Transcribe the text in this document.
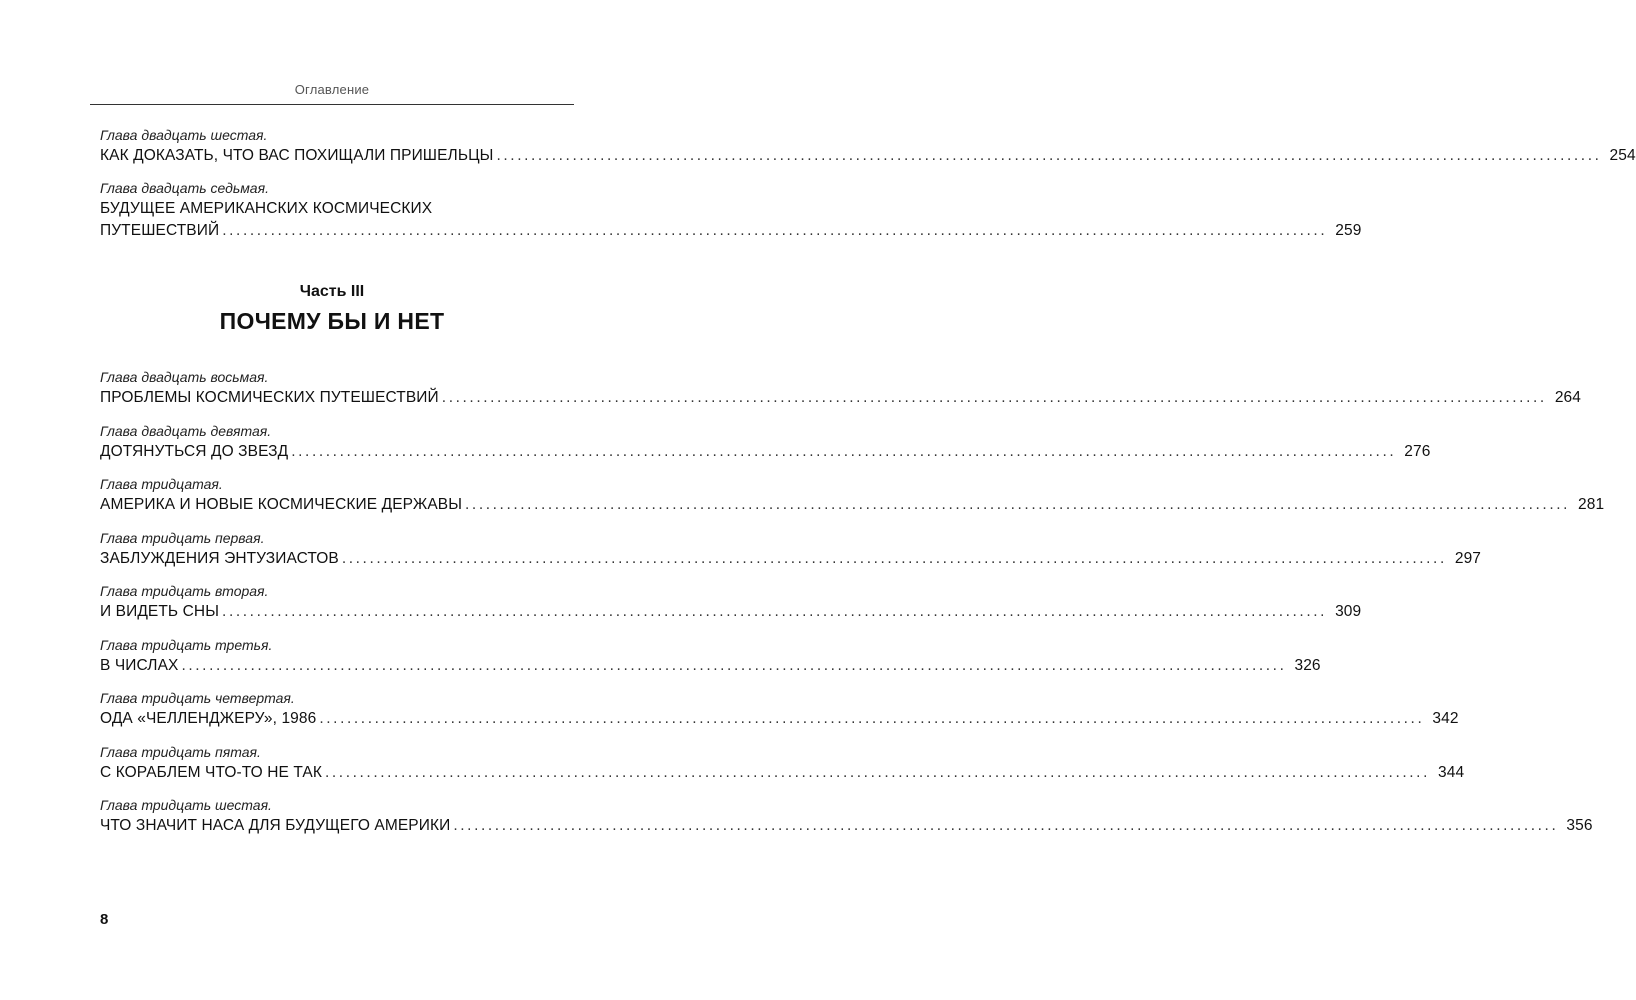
Оглавление
Глава двадцать шестая.
КАК ДОКАЗАТЬ, ЧТО ВАС ПОХИЩАЛИ ПРИШЕЛЬЦЫ ................................................................................................................................................................ 254
Глава двадцать седьмая.
БУДУЩЕЕ АМЕРИКАНСКИХ КОСМИЧЕСКИХ
ПУТЕШЕСТВИЙ ................................................................................................................................................................ 259
Часть III
ПОЧЕМУ БЫ И НЕТ
Глава двадцать восьмая.
ПРОБЛЕМЫ КОСМИЧЕСКИХ ПУТЕШЕСТВИЙ ................................................................................................................................................................ 264
Глава двадцать девятая.
ДОТЯНУТЬСЯ ДО ЗВЕЗД ................................................................................................................................................................ 276
Глава тридцатая.
АМЕРИКА И НОВЫЕ КОСМИЧЕСКИЕ ДЕРЖАВЫ ................................................................................................................................................................ 281
Глава тридцать первая.
ЗАБЛУЖДЕНИЯ ЭНТУЗИАСТОВ ................................................................................................................................................................ 297
Глава тридцать вторая.
И ВИДЕТЬ СНЫ ................................................................................................................................................................ 309
Глава тридцать третья.
В ЧИСЛАХ ................................................................................................................................................................ 326
Глава тридцать четвертая.
ОДА «ЧЕЛЛЕНДЖЕРУ», 1986 ................................................................................................................................................................ 342
Глава тридцать пятая.
С КОРАБЛЕМ ЧТО-ТО НЕ ТАК ................................................................................................................................................................ 344
Глава тридцать шестая.
ЧТО ЗНАЧИТ НАСА ДЛЯ БУДУЩЕГО АМЕРИКИ ................................................................................................................................................................ 356
8
